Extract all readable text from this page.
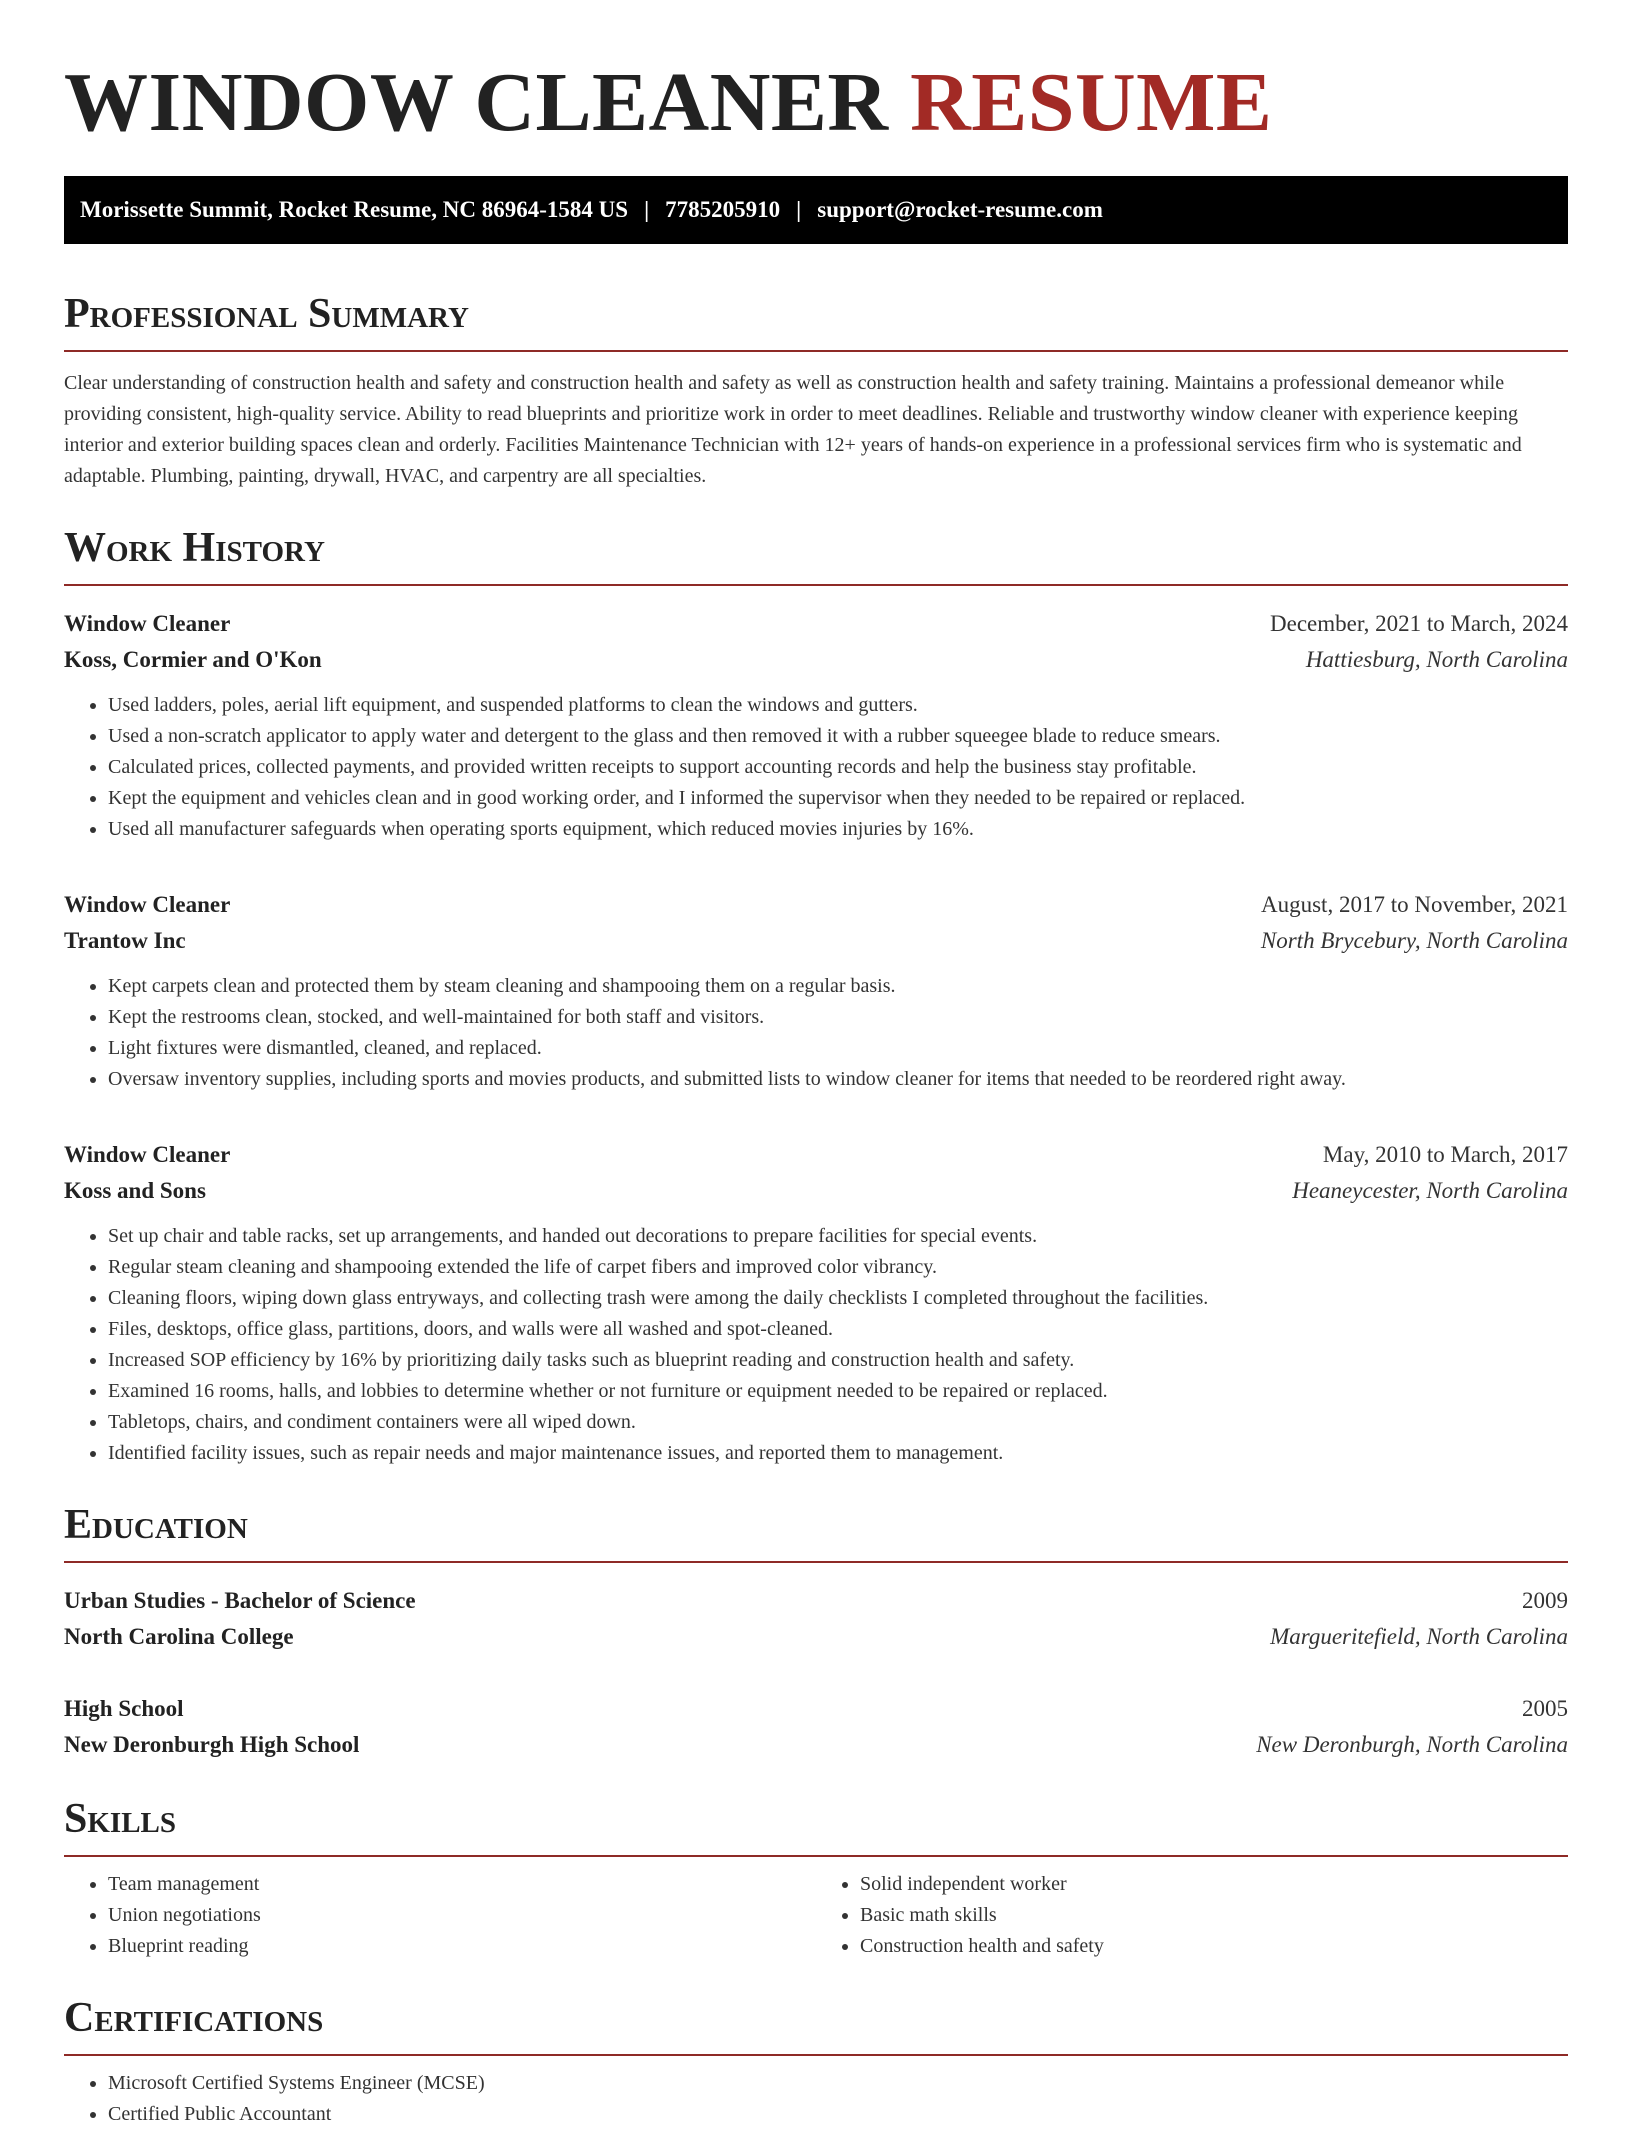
WINDOW CLEANER RESUME
Morissette Summit, Rocket Resume, NC 86964-1584 US | 7785205910 | support@rocket-resume.com
Professional Summary

Clear understanding of construction health and safety and construction health and safety as well as construction health and safety training. Maintains a professional demeanor while providing consistent, high-quality service. Ability to read blueprints and prioritize work in order to meet deadlines. Reliable and trustworthy window cleaner with experience keeping interior and exterior building spaces clean and orderly. Facilities Maintenance Technician with 12+ years of hands-on experience in a professional services firm who is systematic and adaptable. Plumbing, painting, drywall, HVAC, and carpentry are all specialties.

Work History
Window Cleaner	December, 2021 to March, 2024
Koss, Cormier and O'Kon	Hattiesburg, North Carolina
• Used ladders, poles, aerial lift equipment, and suspended platforms to clean the windows and gutters.
• Used a non-scratch applicator to apply water and detergent to the glass and then removed it with a rubber squeegee blade to reduce smears.
• Calculated prices, collected payments, and provided written receipts to support accounting records and help the business stay profitable.
• Kept the equipment and vehicles clean and in good working order, and I informed the supervisor when they needed to be repaired or replaced.
• Used all manufacturer safeguards when operating sports equipment, which reduced movies injuries by 16%.
Window Cleaner	August, 2017 to November, 2021
Trantow Inc	North Brycebury, North Carolina
• Kept carpets clean and protected them by steam cleaning and shampooing them on a regular basis.
• Kept the restrooms clean, stocked, and well-maintained for both staff and visitors.
• Light fixtures were dismantled, cleaned, and replaced.
• Oversaw inventory supplies, including sports and movies products, and submitted lists to window cleaner for items that needed to be reordered right away.
Window Cleaner	May, 2010 to March, 2017
Koss and Sons	Heaneycester, North Carolina
• Set up chair and table racks, set up arrangements, and handed out decorations to prepare facilities for special events.
• Regular steam cleaning and shampooing extended the life of carpet fibers and improved color vibrancy.
• Cleaning floors, wiping down glass entryways, and collecting trash were among the daily checklists I completed throughout the facilities.
• Files, desktops, office glass, partitions, doors, and walls were all washed and spot-cleaned.
• Increased SOP efficiency by 16% by prioritizing daily tasks such as blueprint reading and construction health and safety.
• Examined 16 rooms, halls, and lobbies to determine whether or not furniture or equipment needed to be repaired or replaced.
• Tabletops, chairs, and condiment containers were all wiped down.
• Identified facility issues, such as repair needs and major maintenance issues, and reported them to management.
Education
Urban Studies - Bachelor of Science	2009
North Carolina College	Margueritefield, North Carolina
High School	2005
New Deronburgh High School	New Deronburgh, North Carolina
Skills
• Team management
• Union negotiations
• Blueprint reading
• Solid independent worker
• Basic math skills
• Construction health and safety
Certifications
• Microsoft Certified Systems Engineer (MCSE)
• Certified Public Accountant
